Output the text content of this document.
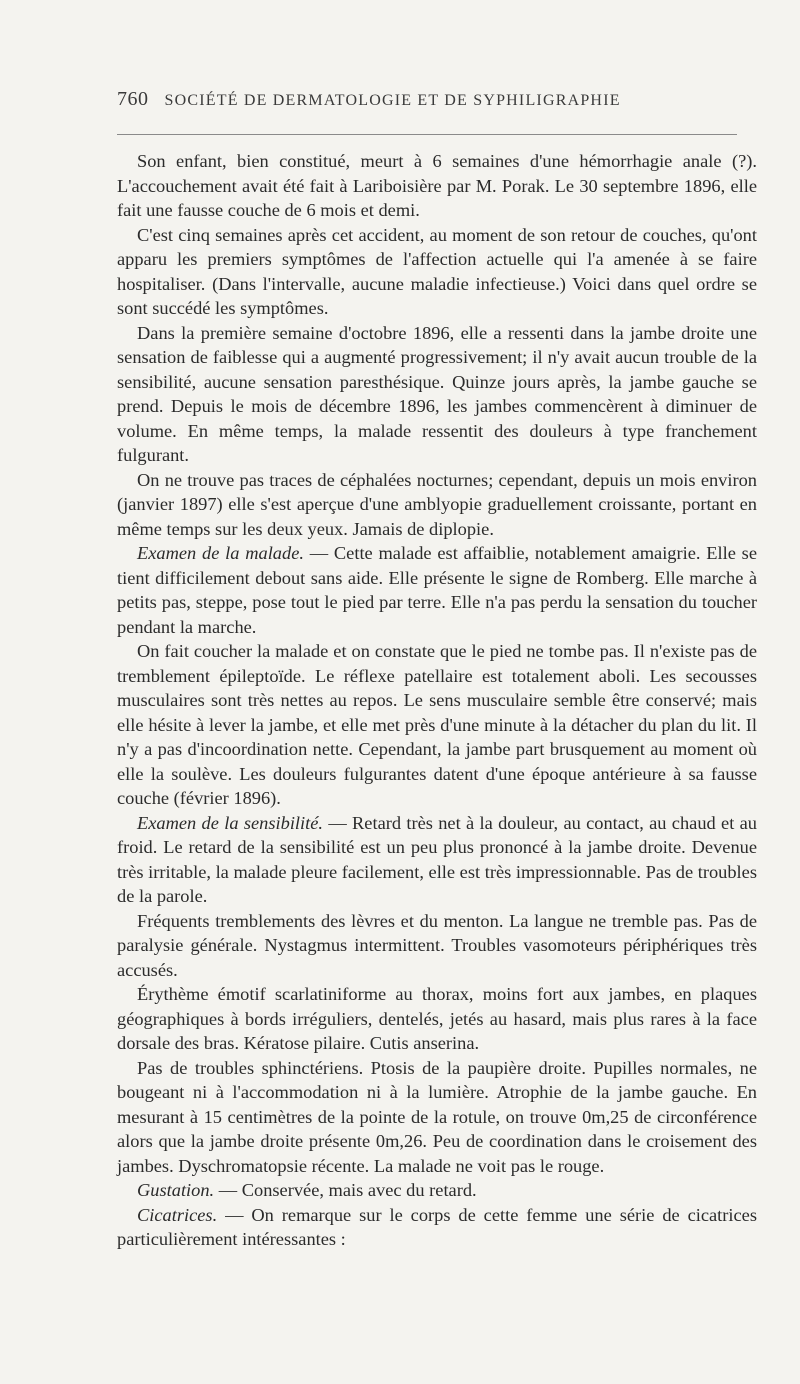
760 SOCIÉTÉ DE DERMATOLOGIE ET DE SYPHILIGRAPHIE

Son enfant, bien constitué, meurt à 6 semaines d'une hémorrhagie anale (?). L'accouchement avait été fait à Lariboisière par M. Porak. Le 30 septembre 1896, elle fait une fausse couche de 6 mois et demi.

C'est cinq semaines après cet accident, au moment de son retour de couches, qu'ont apparu les premiers symptômes de l'affection actuelle qui l'a amenée à se faire hospitaliser. (Dans l'intervalle, aucune maladie infectieuse.) Voici dans quel ordre se sont succédé les symptômes.

Dans la première semaine d'octobre 1896, elle a ressenti dans la jambe droite une sensation de faiblesse qui a augmenté progressivement; il n'y avait aucun trouble de la sensibilité, aucune sensation paresthésique. Quinze jours après, la jambe gauche se prend. Depuis le mois de décembre 1896, les jambes commencèrent à diminuer de volume. En même temps, la malade ressentit des douleurs à type franchement fulgurant.

On ne trouve pas traces de céphalées nocturnes; cependant, depuis un mois environ (janvier 1897) elle s'est aperçue d'une amblyopie graduellement croissante, portant en même temps sur les deux yeux. Jamais de diplopie.

Examen de la malade. — Cette malade est affaiblie, notablement amaigrie. Elle se tient difficilement debout sans aide. Elle présente le signe de Romberg. Elle marche à petits pas, steppe, pose tout le pied par terre. Elle n'a pas perdu la sensation du toucher pendant la marche.

On fait coucher la malade et on constate que le pied ne tombe pas. Il n'existe pas de tremblement épileptoïde. Le réflexe patellaire est totalement aboli. Les secousses musculaires sont très nettes au repos. Le sens musculaire semble être conservé; mais elle hésite à lever la jambe, et elle met près d'une minute à la détacher du plan du lit. Il n'y a pas d'incoordination nette. Cependant, la jambe part brusquement au moment où elle la soulève. Les douleurs fulgurantes datent d'une époque antérieure à sa fausse couche (février 1896).

Examen de la sensibilité. — Retard très net à la douleur, au contact, au chaud et au froid. Le retard de la sensibilité est un peu plus prononcé à la jambe droite. Devenue très irritable, la malade pleure facilement, elle est très impressionnable. Pas de troubles de la parole.

Fréquents tremblements des lèvres et du menton. La langue ne tremble pas. Pas de paralysie générale. Nystagmus intermittent. Troubles vasomoteurs périphériques très accusés.

Érythème émotif scarlatiniforme au thorax, moins fort aux jambes, en plaques géographiques à bords irréguliers, dentelés, jetés au hasard, mais plus rares à la face dorsale des bras. Kératose pilaire. Cutis anserina.

Pas de troubles sphinctériens. Ptosis de la paupière droite. Pupilles normales, ne bougeant ni à l'accommodation ni à la lumière. Atrophie de la jambe gauche. En mesurant à 15 centimètres de la pointe de la rotule, on trouve 0m,25 de circonférence alors que la jambe droite présente 0m,26. Peu de coordination dans le croisement des jambes. Dyschromatopsie récente. La malade ne voit pas le rouge.

Gustation. — Conservée, mais avec du retard.

Cicatrices. — On remarque sur le corps de cette femme une série de cicatrices particulièrement intéressantes :
